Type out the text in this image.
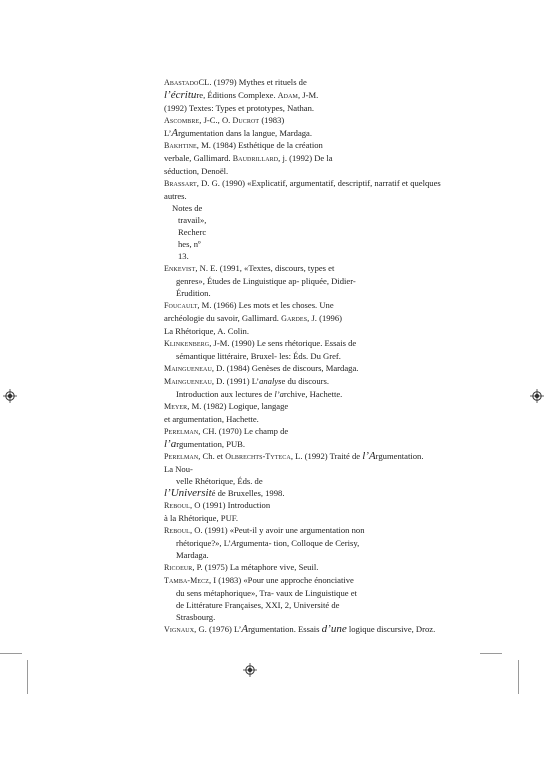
AbastadoCL. (1979) Mythes et rituels de
l’écriture, Éditions Complexe. Adam, J-M.
(1992) Textes: Types et prototypes, Nathan.
Ascombre, J-C., O. Ducrot (1983)
L’Argumentation dans la langue, Mardaga.
Bakhtine, M. (1984) Esthétique de la création
verbale, Gallimard. Baudrillard, j. (1992) De la
séduction, Denoël.
Brassart, D. G. (1990) «Explicatif, argumentatif, descriptif, narratif et quelques
autres.
Notes de
travail»,
Recherc
hes, nº
13.
Enkevist, N. E. (1991, «Textes, discours, types et
genres», Études de Linguistique ap- pliquée, Didier-
Érudition.
Foucault, M. (1966) Les mots et les choses. Une
archéologie du savoir, Gallimard. Gardes, J. (1996)
La Rhétorique, A. Colin.
Klinkenberg, J-M. (1990) Le sens rhétorique. Essais de
sémantique littéraire, Bruxel- les: Éds. Du Gref.
Maingueneau, D. (1984) Genèses de discours, Mardaga.
Maingueneau, D. (1991) L’analyse du discours.
Introduction aux lectures de l’archive, Hachette.
Meyer, M. (1982) Logique, langage
et argumentation, Hachette.
Perelman, CH. (1970) Le champ de
l’argumentation, PUB.
Perelman, Ch. et Olbrechts-Tyteca, L. (1992) Traité de l’Argumentation.
La Nou-
velle Rhétorique, Éds. de
l’Université de Bruxelles, 1998.
Reboul, O (1991) Introduction
à la Rhétorique, PUF.
Reboul, O. (1991) «Peut-il y avoir une argumentation non
rhétorique?», L’Argumenta- tion, Colloque de Cerisy,
Mardaga.
Ricoeur, P. (1975) La métaphore vive, Seuil.
Tamba-Mecz, I (1983) «Pour une approche énonciative
du sens métaphorique», Tra- vaux de Linguistique et
de Littérature Françaises, XXI, 2, Université de
Strasbourg.
Vignaux, G. (1976) L’Argumentation. Essais d’une logique discursive, Droz.
